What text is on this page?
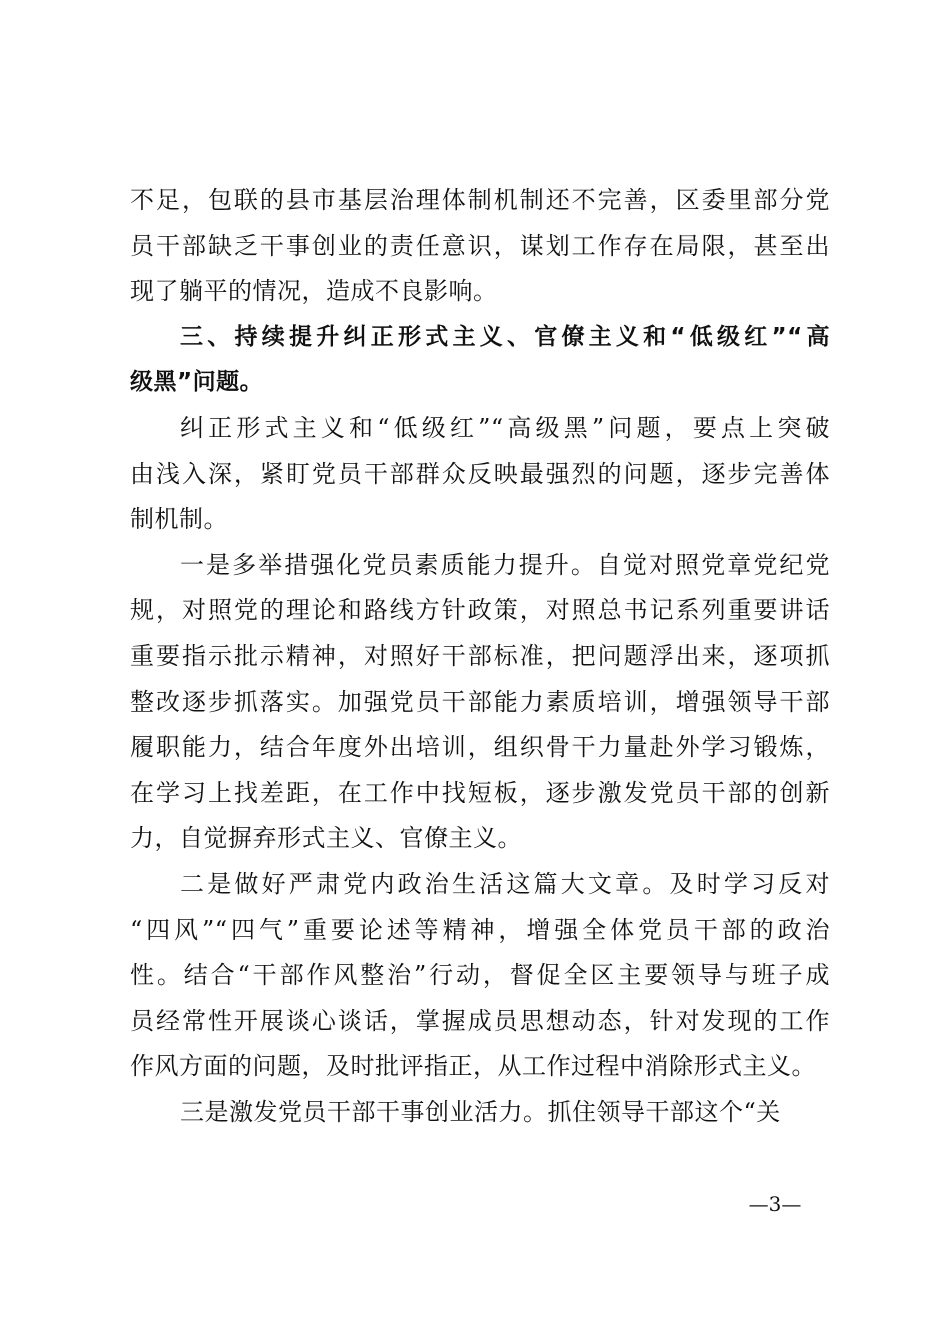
不足，包联的县市基层治理体制机制还不完善，区委里部分党
员干部缺乏干事创业的责任意识，谋划工作存在局限，甚至出
现了躺平的情况，造成不良影响。
三、持续提升纠正形式主义、官僚主义和“低级红”“高
级黑”问题。
纠正形式主义和“低级红”“高级黑”问题，要点上突破
由浅入深，紧盯党员干部群众反映最强烈的问题，逐步完善体
制机制。
一是多举措强化党员素质能力提升。自觉对照党章党纪党
规，对照党的理论和路线方针政策，对照总书记系列重要讲话
重要指示批示精神，对照好干部标准，把问题浮出来，逐项抓
整改逐步抓落实。加强党员干部能力素质培训，增强领导干部
履职能力，结合年度外出培训，组织骨干力量赴外学习锻炼，
在学习上找差距，在工作中找短板，逐步激发党员干部的创新
力，自觉摒弃形式主义、官僚主义。
二是做好严肃党内政治生活这篇大文章。及时学习反对
“四风”“四气”重要论述等精神，增强全体党员干部的政治
性。结合“干部作风整治”行动，督促全区主要领导与班子成
员经常性开展谈心谈话，掌握成员思想动态，针对发现的工作
作风方面的问题，及时批评指正，从工作过程中消除形式主义。
三是激发党员干部干事创业活力。抓住领导干部这个“关
—3—
